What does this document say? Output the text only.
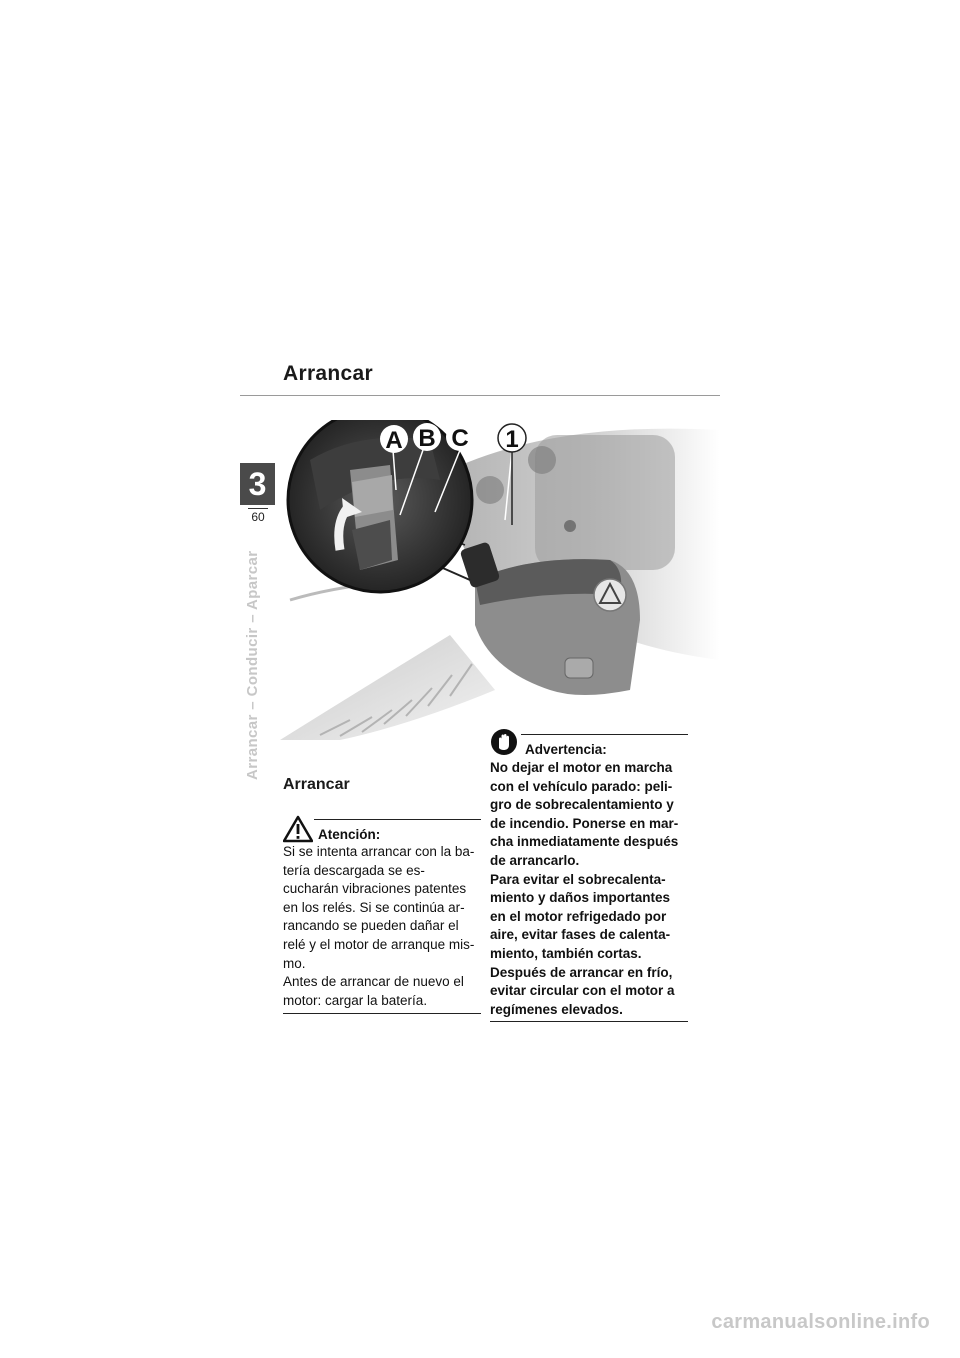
Arrancar
3
60
Arrancar – Conducir – Aparcar
A B C 1
Arrancar
Atención:
Si se intenta arrancar con la ba-
tería descargada se es-
cucharán vibraciones patentes
en los relés. Si se continúa ar-
rancando se pueden dañar el
relé y el motor de arranque mis-
mo.
Antes de arrancar de nuevo el
motor: cargar la batería.
Advertencia:
No dejar el motor en marcha
con el vehículo parado: peli-
gro de sobrecalentamiento y
de incendio. Ponerse en mar-
cha inmediatamente después
de arrancarlo.
Para evitar el sobrecalenta-
miento y daños importantes
en el motor refrigedado por
aire, evitar fases de calenta-
miento, también cortas.
Después de arrancar en frío,
evitar circular con el motor a
regímenes elevados.
carmanualsonline.info
